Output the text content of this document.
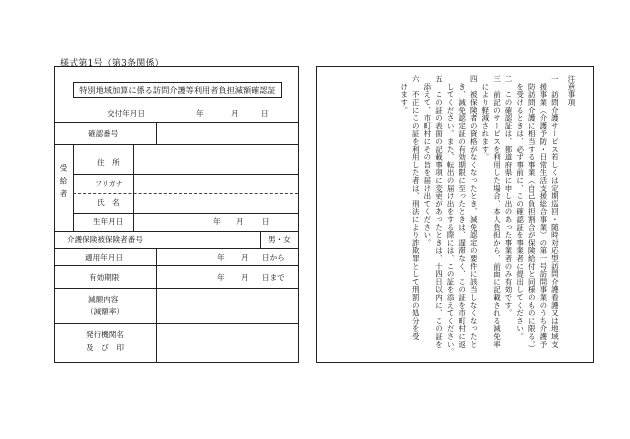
様式第1号（第3条関係）
特別地域加算に係る訪問介護等利用者負担減額確認証
交付年月日	年	月	日
確認番号
受給者
住　所
フリガナ
氏　名
生年月日	年 月 日
介護保険被保険者番号	男・女
適用年月日	年 月 日から
有効期限	年 月 日まで
減額内容
（減額率）
発行機関名
及　び　印
注意事項
一　訪問介護サービス若しくは定期巡回・随時対応型訪問介護看護又は地域支
　援事業（介護予防・日常生活支援総合事業）の第一号訪問事業のうち介護予
　防訪問介護に相当する事業（自己負担割合が保険給付と同様のものに限る。）
　を受けるときは、必ず事前に、この確認証を事業者に提出してください。
二　この確認証は、都道府県に申し出のあった事業者のみ有効です。
三　前記のサービスを利用した場合、本人負担から、前面に記載される減免率
　により軽減されます。
四　被保険者の資格がなくなったとき、減免認定の要件に該当しなくなったと
　き、減免認定証の有効期限に至ったときは、遅滞なく、この証を市町村に返
　してください。また、転出の届け出をする際には、この証を添えてください。
五　この証の表面の記載事項に変更があったときは、十四日以内に、この証を
　添えて、市町村にその旨を届け出てください。
六　不正にこの証を利用した者は、刑法により詐欺罪として刑罰の処分を受
　けます。
